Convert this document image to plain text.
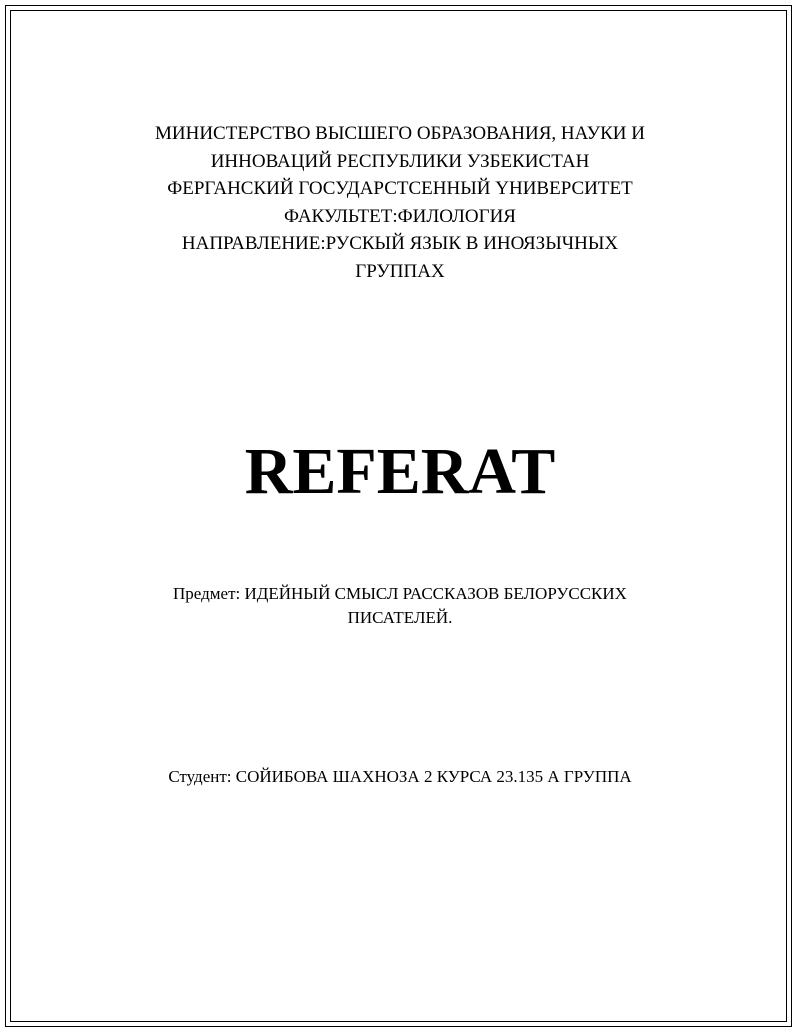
МИНИСТЕРСТВО ВЫСШЕГО ОБРАЗОВАНИЯ, НАУКИ И
ИННОВАЦИЙ РЕСПУБЛИКИ УЗБЕКИСТАН
ФЕРГАНСКИЙ ГОСУДАРСТСЕННЫЙ ҮНИВЕРСИТЕТ
ФАКУЛЬТЕТ:ФИЛОЛОГИЯ
НАПРАВЛЕНИЕ:РУСКЫЙ ЯЗЫК В ИНОЯЗЫЧНЫХ
ГРУППАХ
REFERAT
Предмет: ИДЕЙНЫЙ СМЫСЛ РАССКАЗОВ БЕЛОРУССКИХ
ПИСАТЕЛЕЙ.
Студент: СОЙИБОВА ШАХНОЗА 2 КУРСА 23.135 А ГРУППА
